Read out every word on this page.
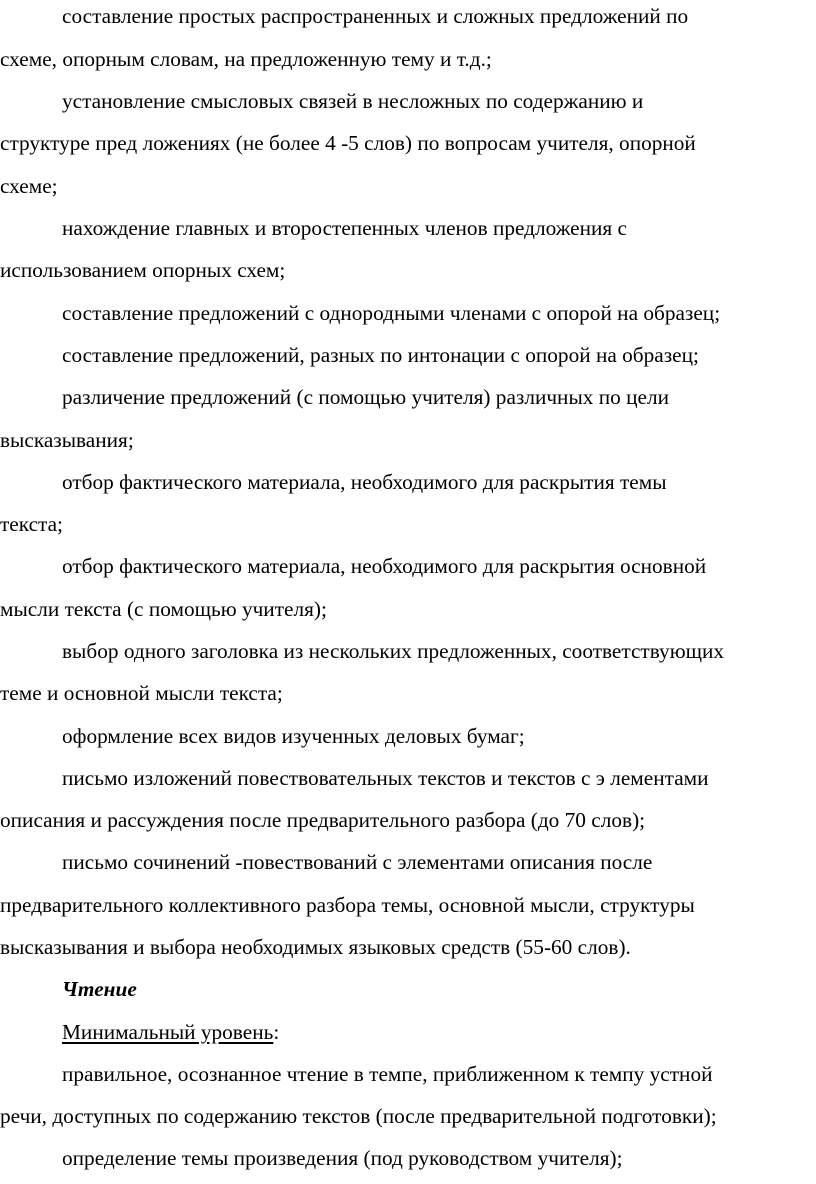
составление простых распространенных и сложных предложений по
схеме, опорным словам, на предложенную тему и т.д.;
установление смысловых связей в несложных по содержанию и
структуре пред ложениях (не более 4 -5 слов) по вопросам учителя, опорной
схеме;
нахождение главных и второстепенных членов предложения с
использованием опорных схем;
составление предложений с однородными членами с опорой на образец;
составление предложений, разных по интонации с опорой на образец;
различение предложений (с помощью учителя) различных по цели
высказывания;
отбор фактического материала, необходимого для раскрытия темы
текста;
отбор фактического материала, необходимого для раскрытия основной
мысли текста (с помощью учителя);
выбор одного заголовка из нескольких предложенных, соответствующих
теме и основной мысли текста;
оформление всех видов изученных деловых бумаг;
письмо изложений повествовательных текстов и текстов с э лементами
описания и рассуждения после предварительного разбора (до 70 слов);
письмо сочинений -повествований с элементами описания после
предварительного коллективного разбора темы, основной мысли, структуры
высказывания и выбора необходимых языковых средств (55-60 слов).
Чтение
Минимальный уровень:
правильное, осознанное чтение в темпе, приближенном к темпу устной
речи, доступных по содержанию текстов (после предварительной подготовки);
определение темы произведения (под руководством учителя);
